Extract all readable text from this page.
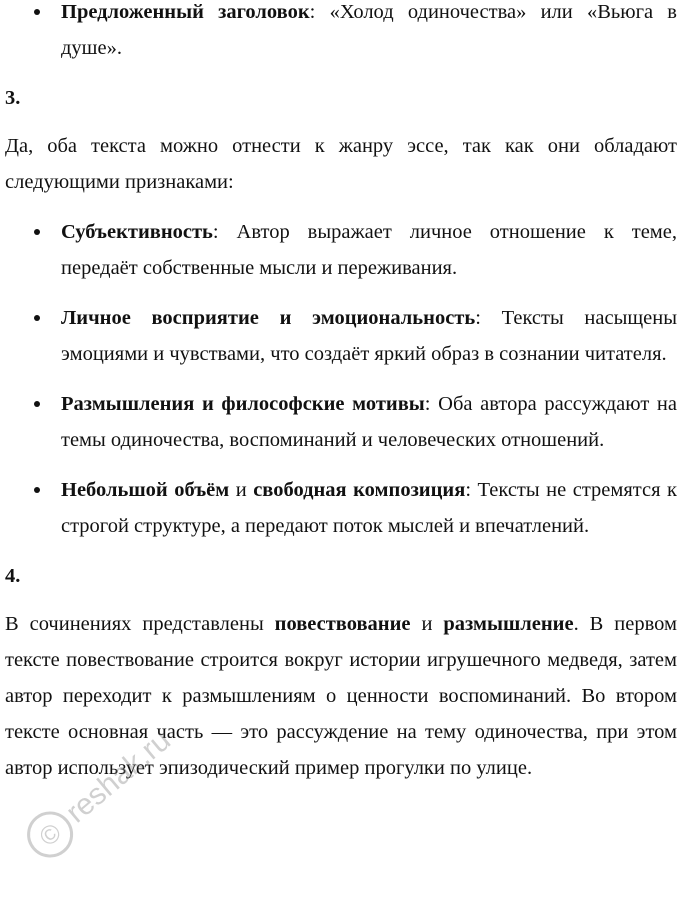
Предложенный заголовок: «Холод одиночества» или «Вьюга в душе».

3.

Да, оба текста можно отнести к жанру эссе, так как они обладают следующими признаками:

Субъективность: Автор выражает личное отношение к теме, передаёт собственные мысли и переживания.
Личное восприятие и эмоциональность: Тексты насыщены эмоциями и чувствами, что создаёт яркий образ в сознании читателя.
Размышления и философские мотивы: Оба автора рассуждают на темы одиночества, воспоминаний и человеческих отношений.
Небольшой объём и свободная композиция: Тексты не стремятся к строгой структуре, а передают поток мыслей и впечатлений.

4.

В сочинениях представлены повествование и размышление. В первом тексте повествование строится вокруг истории игрушечного медведя, затем автор переходит к размышлениям о ценности воспоминаний. Во втором тексте основная часть — это рассуждение на тему одиночества, при этом автор использует эпизодический пример прогулки по улице.

©
reshak.ru
